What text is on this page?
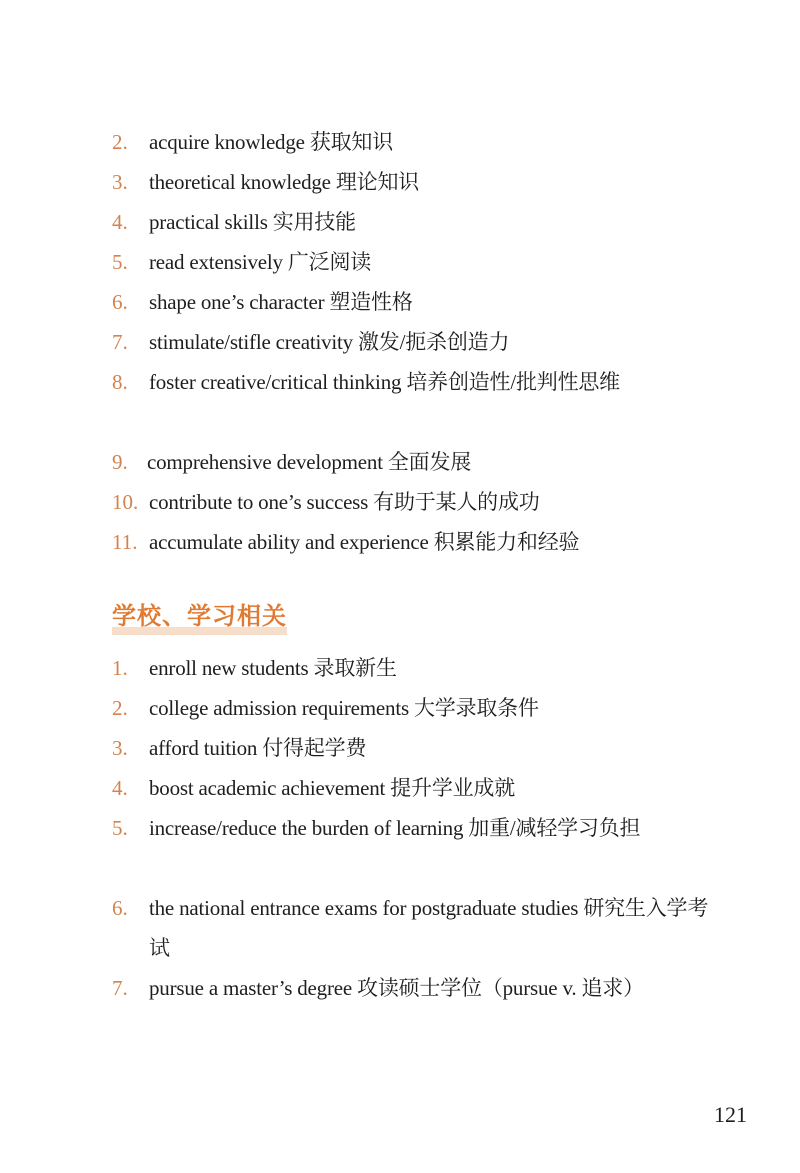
2. acquire knowledge 获取知识
3. theoretical knowledge 理论知识
4. practical skills 实用技能
5. read extensively 广泛阅读
6. shape one’s character 塑造性格
7. stimulate/stifle creativity 激发/扼杀创造力
8. foster creative/critical thinking 培养创造性/批判性思维
9. comprehensive development 全面发展
10. contribute to one’s success 有助于某人的成功
11. accumulate ability and experience 积累能力和经验
学校、学习相关
1. enroll new students 录取新生
2. college admission requirements 大学录取条件
3. afford tuition 付得起学费
4. boost academic achievement 提升学业成就
5. increase/reduce the burden of learning 加重/减轻学习负担
6. the national entrance exams for postgraduate studies 研究生入学考试
7. pursue a master’s degree 攻读硕士学位（pursue v. 追求）
121
